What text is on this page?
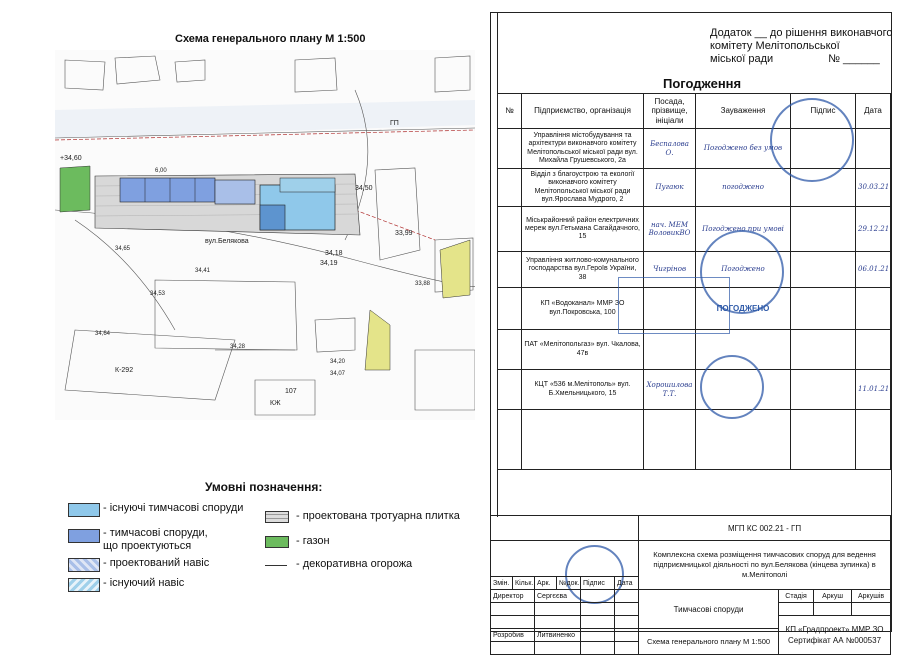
Схема генерального плану М 1:500
+34,60
34,50
34,18
33,99
34,19
34,65
34,64
34,53
34,41
34,28
34,07
34,20
33,88
6,00
вул.Белякова
107
КЖ
К-292
ГП
Умовні позначення:
- існуючі тимчасові споруди
- тимчасові споруди,
що проектуються
- проектований навіс
- існуючий навіс
- проектована тротуарна плитка
- газон
- декоративна огорожа
Додаток __ до рішення виконавчого
комітету Мелітопольської
міської ради	№ ______
Погодження
№	Підприємство, організація	Посада, прізвище, ініціали	Зауваження	Підпис	Дата
	Управління містобудування та архітектури виконавчого комітету Мелітопольської міської ради вул. Михайла Грушевського, 2а	Беспалова О.	Погоджено без умов		
	Відділ з благоустрою та екології виконавчого комітету Мелітопольської міської ради вул.Ярослава Мудрого, 2	Пугаюк	погоджено		30.03.21
	Міськрайонний район електричних мереж вул.Гетьмана Сагайдачного, 15	нач. МЕМ ВоловикВО	Погоджено при умові		29.12.21
	Управління житлово-комунального господарства вул.Героїв України, 38	Чигрінов	Погоджено		06.01.21
	КП «Водоканал» ММР ЗО вул.Покровська, 100		ПОГОДЖЕНО		
	ПАТ «Мелітопольгаз» вул. Чкалова, 47в				
	КЦТ «536 м.Мелітополь» вул. Б.Хмельницького, 15	Хорошилова Т.Т.			11.01.21

						МГП КС 002.21 - ГП			

						Комплексна схема розміщення тимчасових споруд для ведення підприємницької діяльності по вул.Белякова (кінцева зупинка) в м.Мелітополі			
Змін.	Кільк.	Арк.	№док.	Підпис	Дата				
Директор		Сергєєва				Тимчасові споруди	Стадія	Аркуш	Аркушів

							КП «Градпроект» ММР ЗО
Сертифікат АА №000537		

Розробив		Литвиненко				Схема генерального плану М 1:500			
